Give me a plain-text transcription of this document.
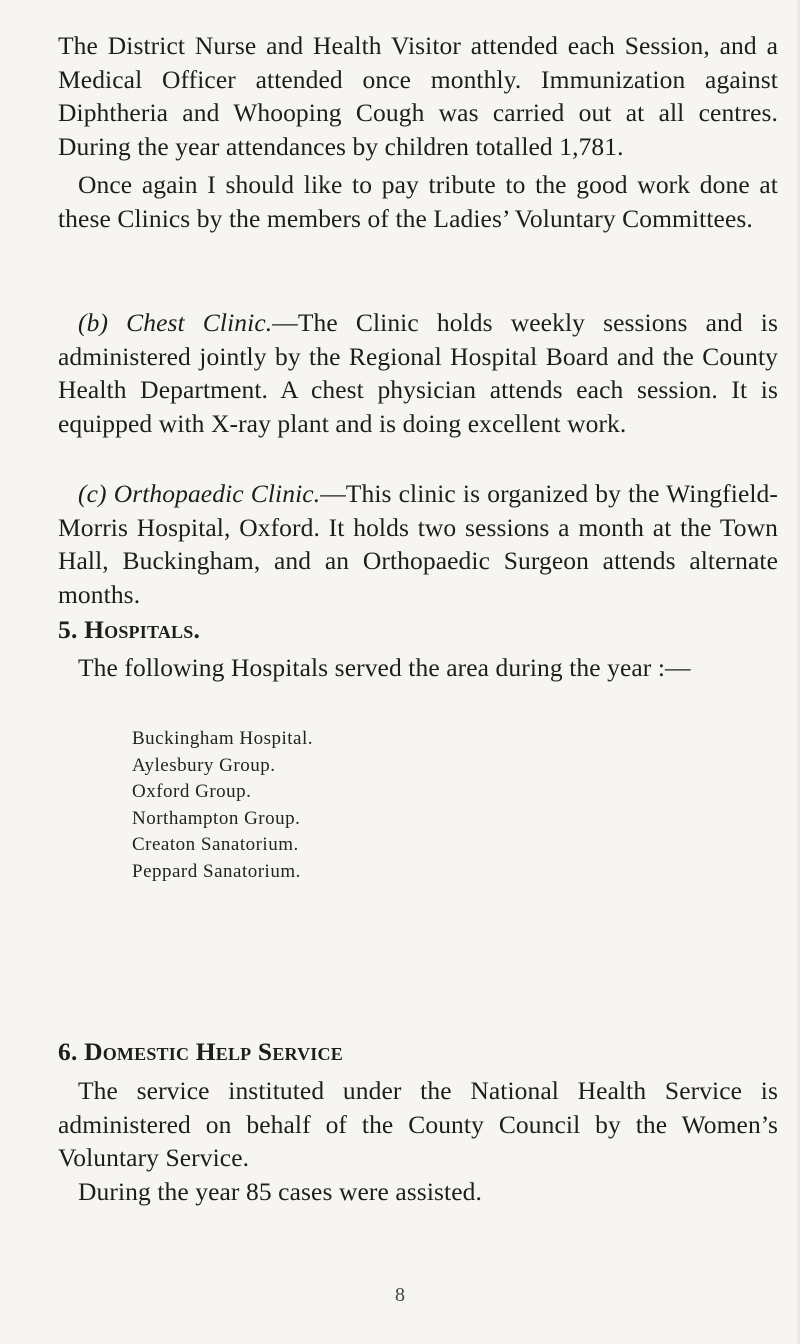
The District Nurse and Health Visitor attended each Session, and a Medical Officer attended once monthly. Immunization against Diphtheria and Whooping Cough was carried out at all centres. During the year attendances by children totalled 1,781.

Once again I should like to pay tribute to the good work done at these Clinics by the members of the Ladies’ Voluntary Committees.

(b) Chest Clinic.—The Clinic holds weekly sessions and is administered jointly by the Regional Hospital Board and the County Health Department. A chest physician attends each session. It is equipped with X-ray plant and is doing excellent work.

(c) Orthopaedic Clinic.—This clinic is organized by the Wingfield-Morris Hospital, Oxford. It holds two sessions a month at the Town Hall, Buckingham, and an Orthopaedic Surgeon attends alternate months.

5. Hospitals.

The following Hospitals served the area during the year :—

Buckingham Hospital.
Aylesbury Group.
Oxford Group.
Northampton Group.
Creaton Sanatorium.
Peppard Sanatorium.
6. Domestic Help Service

The service instituted under the National Health Service is administered on behalf of the County Council by the Women’s Voluntary Service.

During the year 85 cases were assisted.

8
